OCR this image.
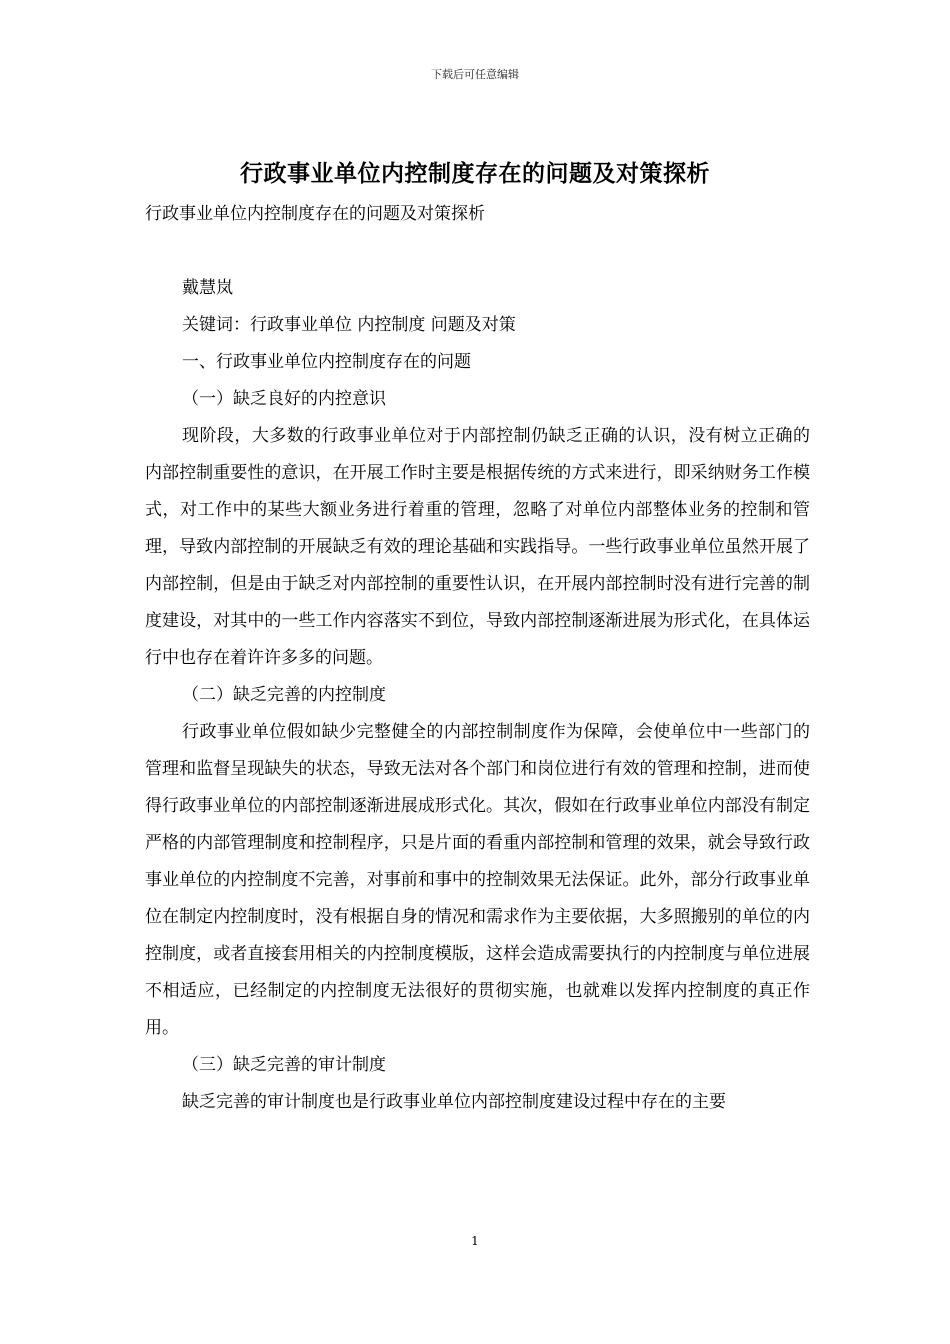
下载后可任意编辑
行政事业单位内控制度存在的问题及对策探析

行政事业单位内控制度存在的问题及对策探析

戴慧岚

关键词：行政事业单位 内控制度 问题及对策

一、行政事业单位内控制度存在的问题

（一）缺乏良好的内控意识

现阶段，大多数的行政事业单位对于内部控制仍缺乏正确的认识，没有树立正确的内部控制重要性的意识，在开展工作时主要是根据传统的方式来进行，即采纳财务工作模式，对工作中的某些大额业务进行着重的管理，忽略了对单位内部整体业务的控制和管理，导致内部控制的开展缺乏有效的理论基础和实践指导。一些行政事业单位虽然开展了内部控制，但是由于缺乏对内部控制的重要性认识，在开展内部控制时没有进行完善的制度建设，对其中的一些工作内容落实不到位，导致内部控制逐渐进展为形式化，在具体运行中也存在着许许多多的问题。

（二）缺乏完善的内控制度

行政事业单位假如缺少完整健全的内部控制制度作为保障，会使单位中一些部门的管理和监督呈现缺失的状态，导致无法对各个部门和岗位进行有效的管理和控制，进而使得行政事业单位的内部控制逐渐进展成形式化。其次，假如在行政事业单位内部没有制定严格的内部管理制度和控制程序，只是片面的看重内部控制和管理的效果，就会导致行政事业单位的内控制度不完善，对事前和事中的控制效果无法保证。此外，部分行政事业单位在制定内控制度时，没有根据自身的情况和需求作为主要依据，大多照搬别的单位的内控制度，或者直接套用相关的内控制度模版，这样会造成需要执行的内控制度与单位进展不相适应，已经制定的内控制度无法很好的贯彻实施，也就难以发挥内控制度的真正作用。

（三）缺乏完善的审计制度

缺乏完善的审计制度也是行政事业单位内部控制度建设过程中存在的主要

1
